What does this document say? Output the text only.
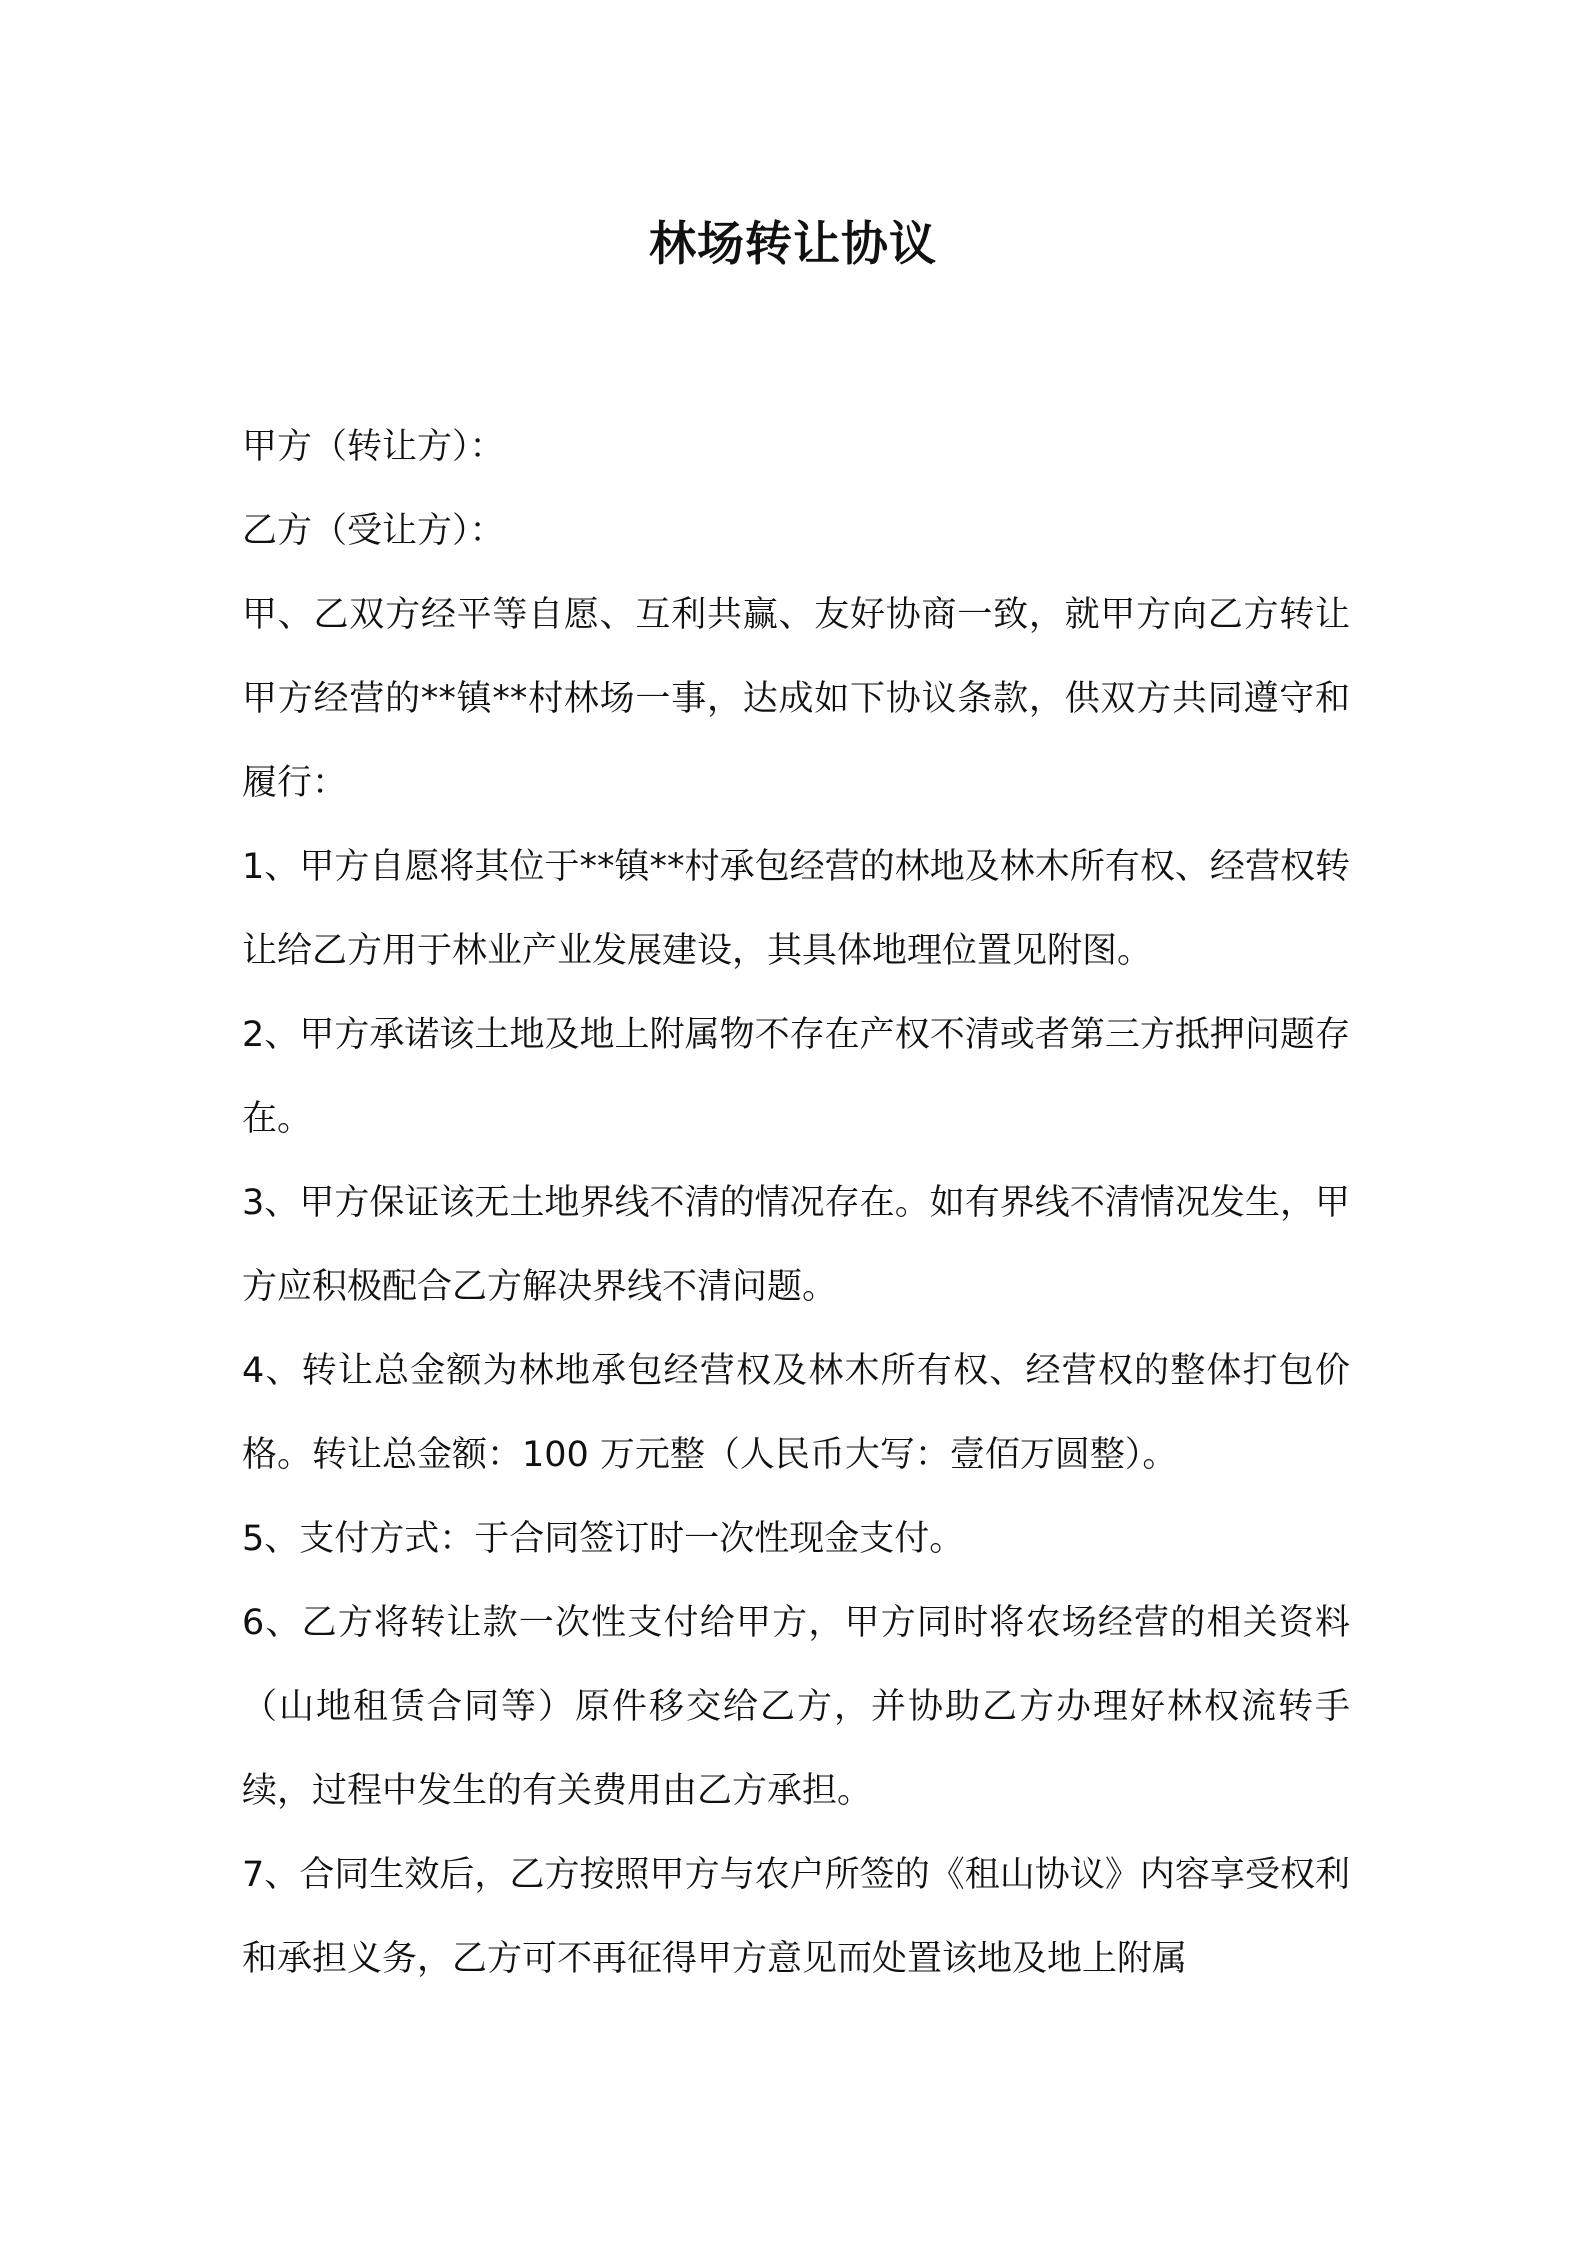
林场转让协议

甲方（转让方）：

乙方（受让方）：

甲、乙双方经平等自愿、互利共赢、友好协商一致，就甲方向乙方转让甲方经营的**镇**村林场一事，达成如下协议条款，供双方共同遵守和履行：

1、甲方自愿将其位于**镇**村承包经营的林地及林木所有权、经营权转让给乙方用于林业产业发展建设，其具体地理位置见附图。

2、甲方承诺该土地及地上附属物不存在产权不清或者第三方抵押问题存在。

3、甲方保证该无土地界线不清的情况存在。如有界线不清情况发生，甲方应积极配合乙方解决界线不清问题。

4、转让总金额为林地承包经营权及林木所有权、经营权的整体打包价格。转让总金额：100 万元整（人民币大写：壹佰万圆整）。

5、支付方式：于合同签订时一次性现金支付。

6、乙方将转让款一次性支付给甲方，甲方同时将农场经营的相关资料（山地租赁合同等）原件移交给乙方，并协助乙方办理好林权流转手续，过程中发生的有关费用由乙方承担。

7、合同生效后，乙方按照甲方与农户所签的《租山协议》内容享受权利和承担义务，乙方可不再征得甲方意见而处置该地及地上附属
